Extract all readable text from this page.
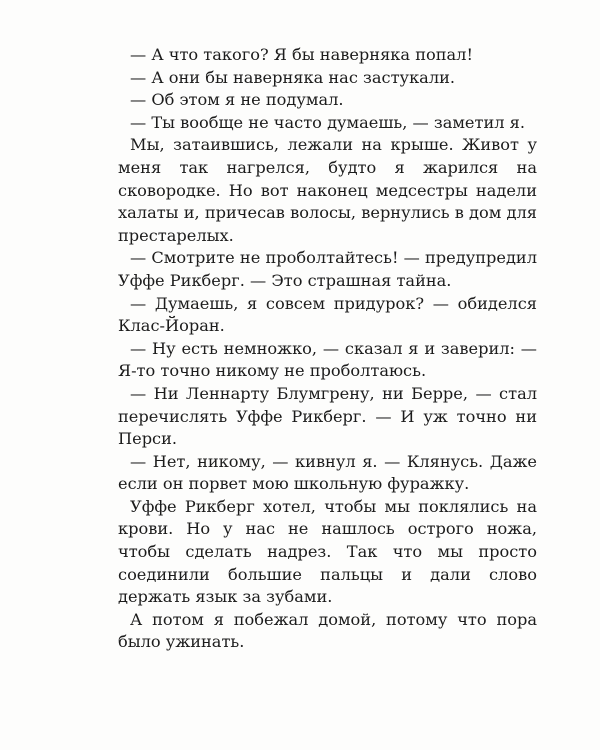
— А что такого? Я бы наверняка попал!

— А они бы наверняка нас застукали.

— Об этом я не подумал.

— Ты вообще не часто думаешь, — заметил я.

Мы, затаившись, лежали на крыше. Живот у меня так нагрелся, будто я жарился на сковородке. Но вот наконец медсестры надели халаты и, причесав волосы, вернулись в дом для престарелых.

— Смотрите не проболтайтесь! — предупредил Уффе Рикберг. — Это страшная тайна.

— Думаешь, я совсем придурок? — обиделся Клас-Йоран.

— Ну есть немножко, — сказал я и заверил: — Я-то точно никому не проболтаюсь.

— Ни Леннарту Блумгрену, ни Берре, — стал перечислять Уффе Рикберг. — И уж точно ни Перси.

— Нет, никому, — кивнул я. — Клянусь. Даже если он порвет мою школьную фуражку.

Уффе Рикберг хотел, чтобы мы поклялись на крови. Но у нас не нашлось острого ножа, чтобы сделать надрез. Так что мы просто соединили большие пальцы и дали слово держать язык за зубами.

А потом я побежал домой, потому что пора было ужинать.
